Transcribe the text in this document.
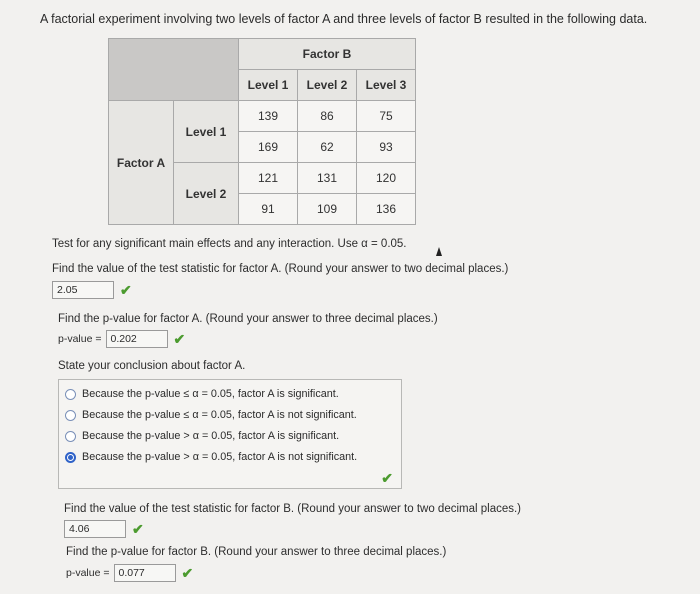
A factorial experiment involving two levels of factor A and three levels of factor B resulted in the following data.
		Factor B		
		Level 1	Level 2	Level 3
Factor A	Level 1	139	86	75
		169	62	93
	Level 2	121	131	120
		91	109	136
Test for any significant main effects and any interaction. Use α = 0.05.
Find the value of the test statistic for factor A. (Round your answer to two decimal places.)
2.05	✔
Find the p-value for factor A. (Round your answer to three decimal places.)
p-value = 0.202	✔
State your conclusion about factor A.
Because the p-value ≤ α = 0.05, factor A is significant.
Because the p-value ≤ α = 0.05, factor A is not significant.
Because the p-value > α = 0.05, factor A is significant.
Because the p-value > α = 0.05, factor A is not significant.
✔
Find the value of the test statistic for factor B. (Round your answer to two decimal places.)
4.06	✔
Find the p-value for factor B. (Round your answer to three decimal places.)
p-value = 0.077	✔
